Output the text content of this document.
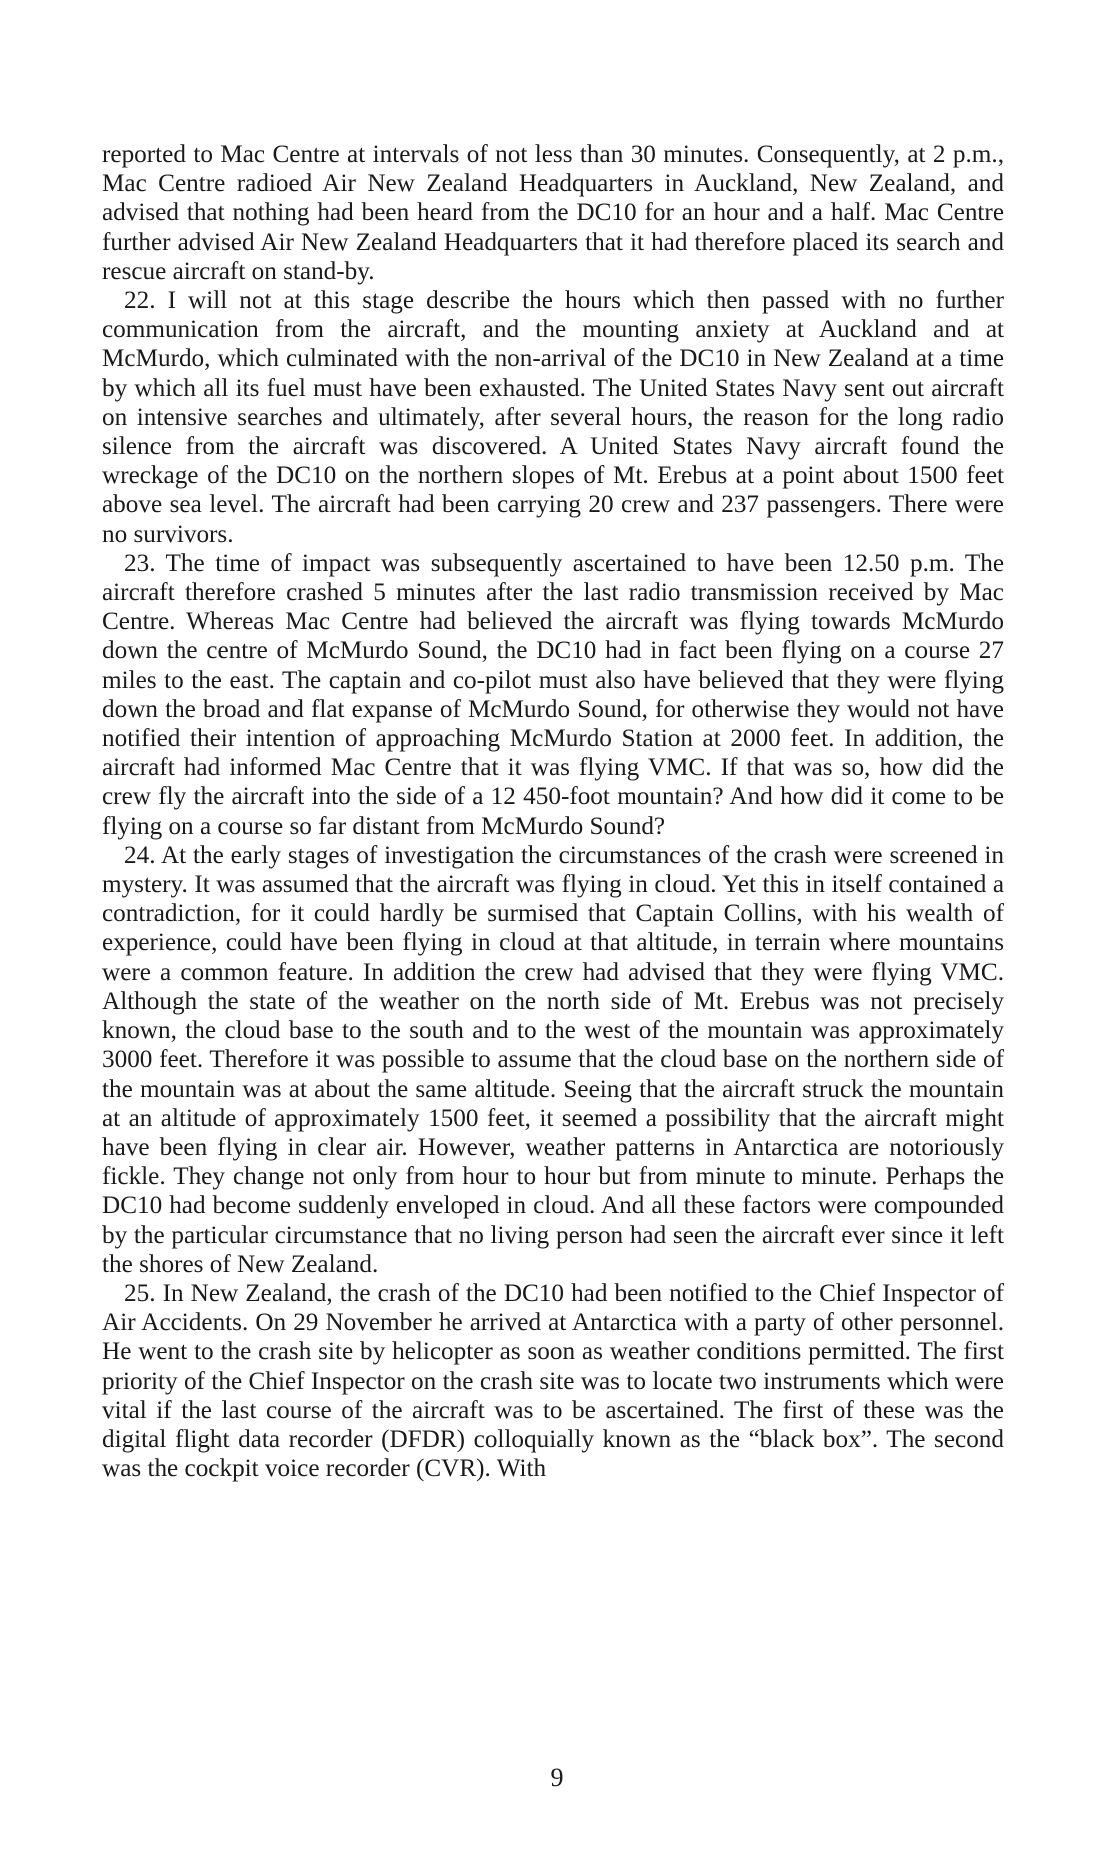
reported to Mac Centre at intervals of not less than 30 minutes. Consequently, at 2 p.m., Mac Centre radioed Air New Zealand Headquarters in Auckland, New Zealand, and advised that nothing had been heard from the DC10 for an hour and a half. Mac Centre further advised Air New Zealand Headquarters that it had therefore placed its search and rescue aircraft on stand-by.

22. I will not at this stage describe the hours which then passed with no further communication from the aircraft, and the mounting anxiety at Auckland and at McMurdo, which culminated with the non-arrival of the DC10 in New Zealand at a time by which all its fuel must have been exhausted. The United States Navy sent out aircraft on intensive searches and ultimately, after several hours, the reason for the long radio silence from the aircraft was discovered. A United States Navy aircraft found the wreckage of the DC10 on the northern slopes of Mt. Erebus at a point about 1500 feet above sea level. The aircraft had been carrying 20 crew and 237 passengers. There were no survivors.

23. The time of impact was subsequently ascertained to have been 12.50 p.m. The aircraft therefore crashed 5 minutes after the last radio transmission received by Mac Centre. Whereas Mac Centre had believed the aircraft was flying towards McMurdo down the centre of McMurdo Sound, the DC10 had in fact been flying on a course 27 miles to the east. The captain and co-pilot must also have believed that they were flying down the broad and flat expanse of McMurdo Sound, for otherwise they would not have notified their intention of approaching McMurdo Station at 2000 feet. In addition, the aircraft had informed Mac Centre that it was flying VMC. If that was so, how did the crew fly the aircraft into the side of a 12 450-foot mountain? And how did it come to be flying on a course so far distant from McMurdo Sound?

24. At the early stages of investigation the circumstances of the crash were screened in mystery. It was assumed that the aircraft was flying in cloud. Yet this in itself contained a contradiction, for it could hardly be surmised that Captain Collins, with his wealth of experience, could have been flying in cloud at that altitude, in terrain where mountains were a common feature. In addition the crew had advised that they were flying VMC. Although the state of the weather on the north side of Mt. Erebus was not precisely known, the cloud base to the south and to the west of the mountain was approximately 3000 feet. Therefore it was possible to assume that the cloud base on the northern side of the mountain was at about the same altitude. Seeing that the aircraft struck the mountain at an altitude of approximately 1500 feet, it seemed a possibility that the aircraft might have been flying in clear air. However, weather patterns in Antarctica are notoriously fickle. They change not only from hour to hour but from minute to minute. Perhaps the DC10 had become suddenly enveloped in cloud. And all these factors were compounded by the particular circumstance that no living person had seen the aircraft ever since it left the shores of New Zealand.

25. In New Zealand, the crash of the DC10 had been notified to the Chief Inspector of Air Accidents. On 29 November he arrived at Antarctica with a party of other personnel. He went to the crash site by helicopter as soon as weather conditions permitted. The first priority of the Chief Inspector on the crash site was to locate two instruments which were vital if the last course of the aircraft was to be ascertained. The first of these was the digital flight data recorder (DFDR) colloquially known as the “black box”. The second was the cockpit voice recorder (CVR). With

9
